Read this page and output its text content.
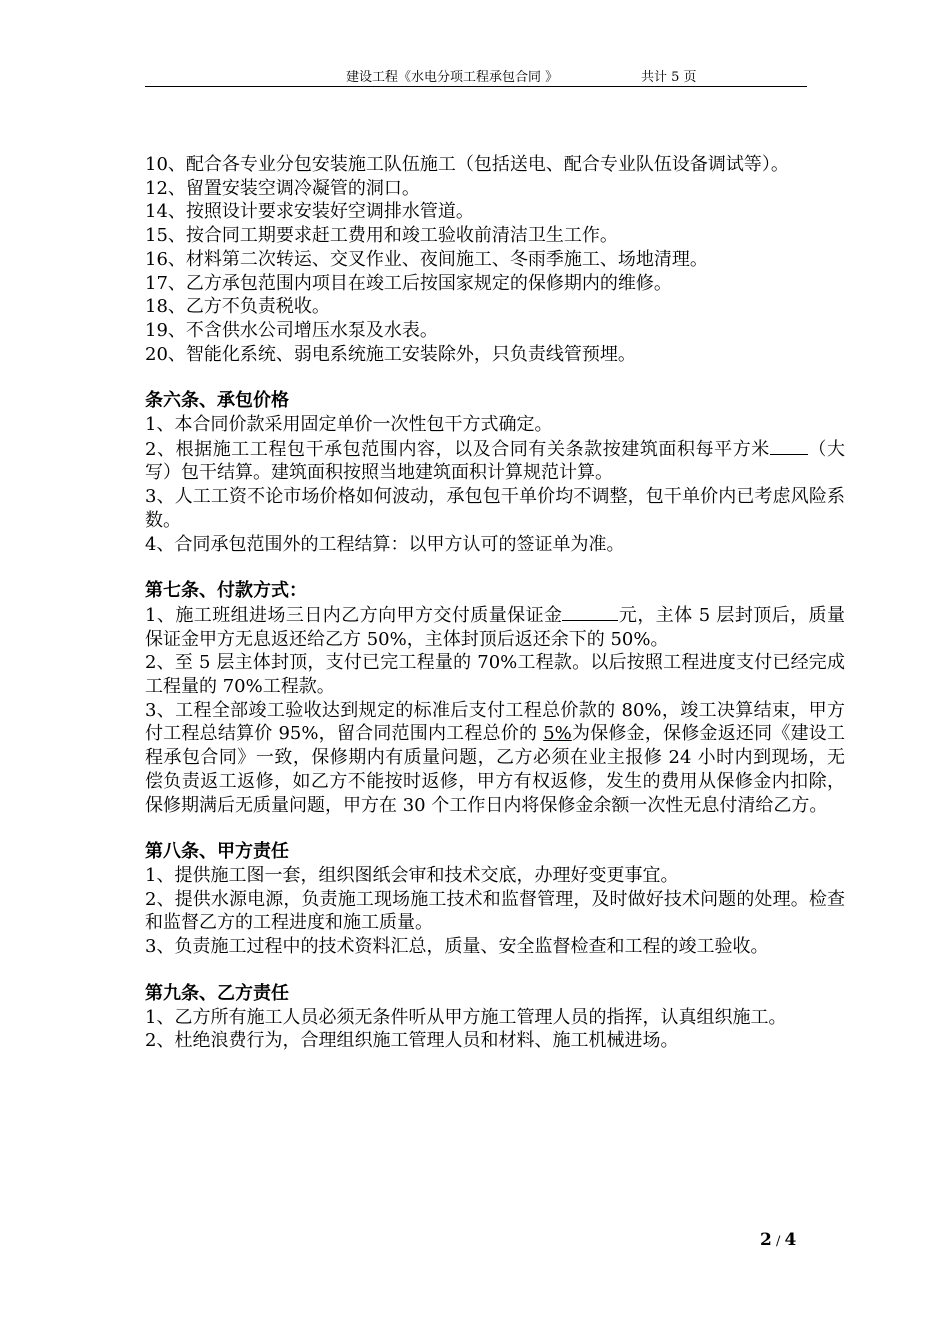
建设工程《水电分项工程承包合同 》	共计 5 页

10、配合各专业分包安装施工队伍施工（包括送电、配合专业队伍设备调试等）。

12、留置安装空调冷凝管的洞口。

14、按照设计要求安装好空调排水管道。

15、按合同工期要求赶工费用和竣工验收前清洁卫生工作。

16、材料第二次转运、交叉作业、夜间施工、冬雨季施工、场地清理。

17、乙方承包范围内项目在竣工后按国家规定的保修期内的维修。

18、乙方不负责税收。

19、不含供水公司增压水泵及水表。

20、智能化系统、弱电系统施工安装除外，只负责线管预埋。

条六条、承包价格

1、本合同价款采用固定单价一次性包干方式确定。

2、根据施工工程包干承包范围内容，以及合同有关条款按建筑面积每平方米 （大写）包干结算。建筑面积按照当地建筑面积计算规范计算。

3、人工工资不论市场价格如何波动，承包包干单价均不调整，包干单价内已考虑风险系数。

4、合同承包范围外的工程结算：以甲方认可的签证单为准。

第七条、付款方式：

1、施工班组进场三日内乙方向甲方交付质量保证金	元，主体 5 层封顶后，质量保证金甲方无息返还给乙方 50%，主体封顶后返还余下的 50%。

2、至 5 层主体封顶，支付已完工程量的 70%工程款。以后按照工程进度支付已经完成工程量的 70%工程款。

3、工程全部竣工验收达到规定的标准后支付工程总价款的 80%，竣工决算结束，甲方付工程总结算价 95%，留合同范围内工程总价的 5%为保修金，保修金返还同《建设工程承包合同》一致，保修期内有质量问题，乙方必须在业主报修 24 小时内到现场，无偿负责返工返修，如乙方不能按时返修，甲方有权返修，发生的费用从保修金内扣除，保修期满后无质量问题，甲方在 30 个工作日内将保修金余额一次性无息付清给乙方。

第八条、甲方责任

1、提供施工图一套，组织图纸会审和技术交底，办理好变更事宜。

2、提供水源电源，负责施工现场施工技术和监督管理，及时做好技术问题的处理。检查和监督乙方的工程进度和施工质量。

3、负责施工过程中的技术资料汇总，质量、安全监督检查和工程的竣工验收。

第九条、乙方责任

1、乙方所有施工人员必须无条件听从甲方施工管理人员的指挥，认真组织施工。

2、杜绝浪费行为，合理组织施工管理人员和材料、施工机械进场。

2 / 4
